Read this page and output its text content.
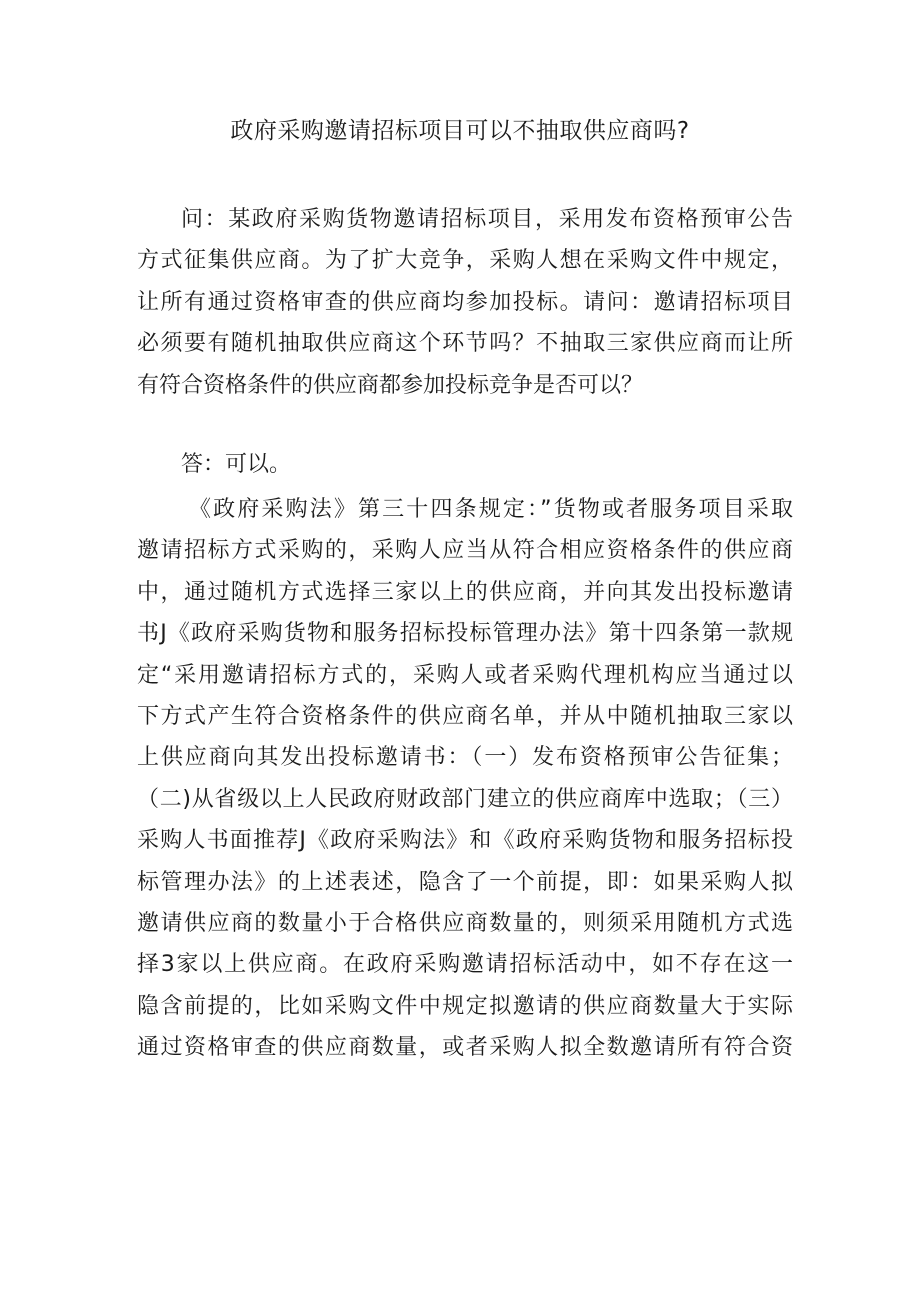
政府采购邀请招标项目可以不抽取供应商吗?
问：某政府采购货物邀请招标项目，采用发布资格预审公告
方式征集供应商。为了扩大竞争，采购人想在采购文件中规定，
让所有通过资格审查的供应商均参加投标。请问：邀请招标项目
必须要有随机抽取供应商这个环节吗？不抽取三家供应商而让所
有符合资格条件的供应商都参加投标竞争是否可以？
答：可以。
《政府采购法》第三十四条规定：”货物或者服务项目采取
邀请招标方式采购的，采购人应当从符合相应资格条件的供应商
中，通过随机方式选择三家以上的供应商，并向其发出投标邀请
书J《政府采购货物和服务招标投标管理办法》第十四条第一款规
定“采用邀请招标方式的，采购人或者采购代理机构应当通过以
下方式产生符合资格条件的供应商名单，并从中随机抽取三家以
上供应商向其发出投标邀请书：（一）发布资格预审公告征集；
（二)从省级以上人民政府财政部门建立的供应商库中选取；（三）
采购人书面推荐J《政府采购法》和《政府采购货物和服务招标投
标管理办法》的上述表述，隐含了一个前提，即：如果采购人拟
邀请供应商的数量小于合格供应商数量的，则须采用随机方式选
择3家以上供应商。在政府采购邀请招标活动中，如不存在这一
隐含前提的，比如采购文件中规定拟邀请的供应商数量大于实际
通过资格审查的供应商数量，或者采购人拟全数邀请所有符合资
